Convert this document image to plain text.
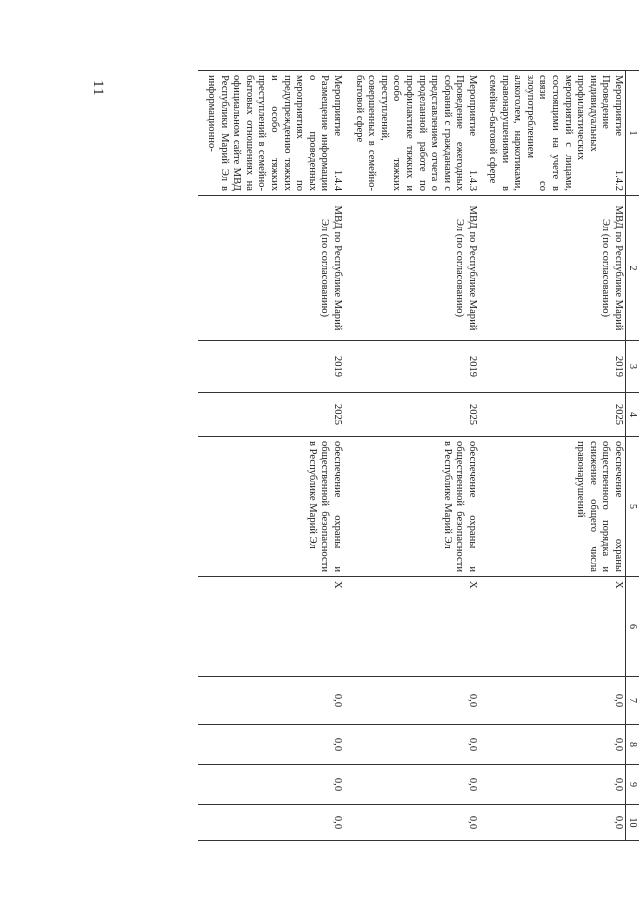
11
1	2	3	4	5	6	7	8	9	10
Мероприятие
1.4.2

Проведение индивидуальных профилактических мероприятий с лицами, состоящими на учете в связи со злоупотреблением алкоголем, наркотиками, правонарушениями в семейно-бытовой сфере	МВД по Республике Марий Эл (по согласованию)	2019	2025	обеспечение охраны общественного порядка и снижение общего числа правонарушений	Х	0,0	0,0	0,0	0,0
Мероприятие
1.4.3

Проведение ежегодных собраний с гражданами с представлением отчета о проделанной работе по профилактике тяжких и особо тяжких преступлений, совершенных в семейно-бытовой сфере	МВД по Республике Марий Эл (по согласованию)	2019	2025	обеспечение охраны и общественной безопасности в Республике Марий Эл	Х	0,0	0,0	0,0	0,0
Мероприятие
1.4.4

Размещение информации о проведенных мероприятиях по предупреждению тяжких и особо тяжких преступлений в семейно-бытовых отношениях на официальном сайте МВД Республики Марий Эл в информационно-	МВД по Республике Марий Эл (по согласованию)	2019	2025	обеспечение охраны и общественной безопасности в Республике Марий Эл	Х	0,0	0,0	0,0	0,0
